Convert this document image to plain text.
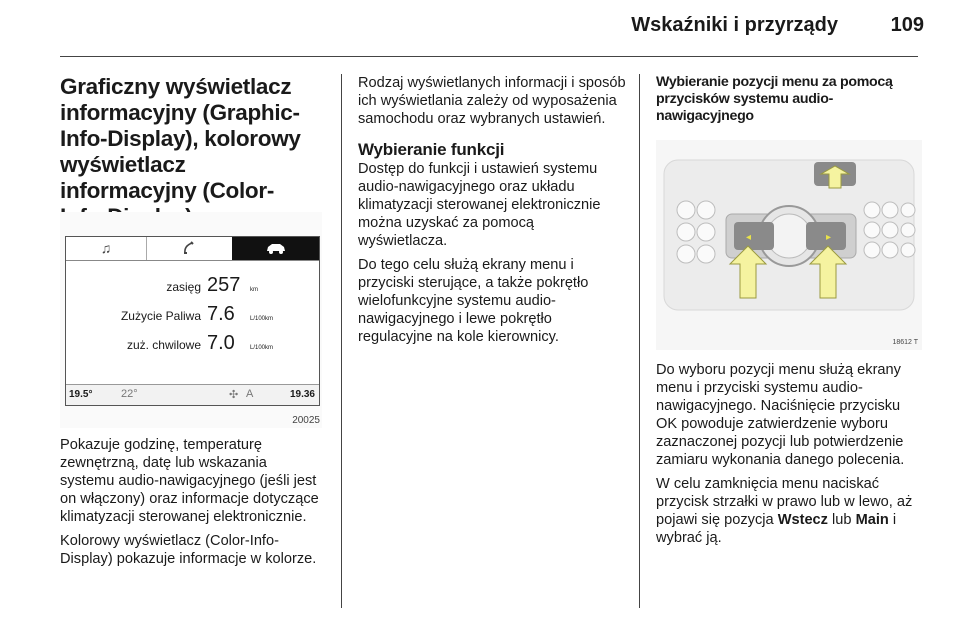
Wskaźniki i przyrządy	109
Graficzny wyświetlacz informacyjny (Graphic-Info-Display), kolorowy wyświetlacz informacyjny (Color-
♫
zasięg 257 km
Zużycie Paliwa 7.6	L/100km
zuż. chwilowe 7.0	L/100km
19.5°	22°	✣ A	19.36
20025

Pokazuje godzinę, temperaturę zewnętrzną, datę lub wskazania systemu audio-nawigacyjnego (jeśli jest on włączony) oraz informacje dotyczące klimatyzacji sterowanej elektronicznie.

Kolorowy wyświetlacz (Color-Info-Display) pokazuje informacje w kolorze.

Rodzaj wyświetlanych informacji i sposób ich wyświetlania zależy od wyposażenia samochodu oraz wybranych ustawień.

Wybieranie funkcji

Dostęp do funkcji i ustawień systemu audio-nawigacyjnego oraz układu klimatyzacji sterowanej elektronicznie można uzyskać za pomocą wyświetlacza.

Do tego celu służą ekrany menu i przyciski sterujące, a także pokrętło wielofunkcyjne systemu audio-nawigacyjnego i lewe pokrętło regulacyjne na kole kierownicy.

Wybieranie pozycji menu za pomocą przycisków systemu audio-nawigacyjnego
◂	▸
18612 T

Do wyboru pozycji menu służą ekrany menu i przyciski systemu audio-nawigacyjnego. Naciśnięcie przycisku OK powoduje zatwierdzenie wyboru zaznaczonej pozycji lub potwierdzenie zamiaru wykonania danego polecenia.

W celu zamknięcia menu naciskać przycisk strzałki w prawo lub w lewo, aż pojawi się pozycja Wstecz lub Main i wybrać ją.
